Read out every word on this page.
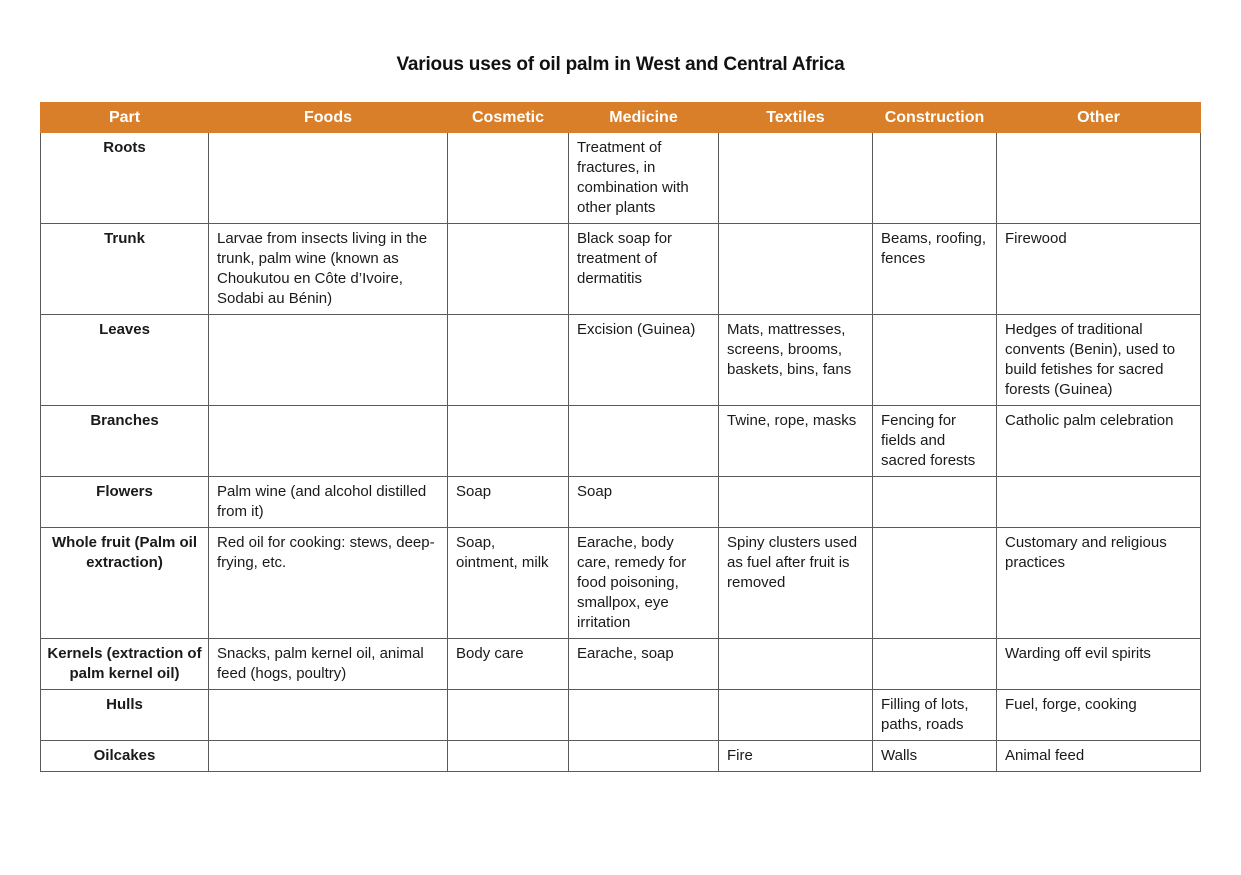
Various uses of oil palm in West and Central Africa
Part	Foods	Cosmetic	Medicine	Textiles	Construction	Other
Roots			Treatment of fractures, in combination with other plants			
Trunk	Larvae from insects living in the trunk, palm wine (known as Choukutou en Côte d’Ivoire, Sodabi au Bénin)		Black soap for treatment of dermatitis		Beams, roofing, fences	Firewood
Leaves			Excision (Guinea)	Mats, mattresses, screens, brooms, baskets, bins, fans		Hedges of traditional convents (Benin), used to build fetishes for sacred forests (Guinea)
Branches				Twine, rope, masks	Fencing for fields and sacred forests	Catholic palm celebration
Flowers	Palm wine (and alcohol distilled from it)	Soap	Soap			
Whole fruit (Palm oil extraction)	Red oil for cooking: stews, deep-frying, etc.	Soap, ointment, milk	Earache, body care, remedy for food poisoning, smallpox, eye irritation	Spiny clusters used as fuel after fruit is removed		Customary and religious practices
Kernels (extraction of palm kernel oil)	Snacks, palm kernel oil, animal feed (hogs, poultry)	Body care	Earache, soap			Warding off evil spirits
Hulls					Filling of lots, paths, roads	Fuel, forge, cooking
Oilcakes				Fire	Walls	Animal feed
